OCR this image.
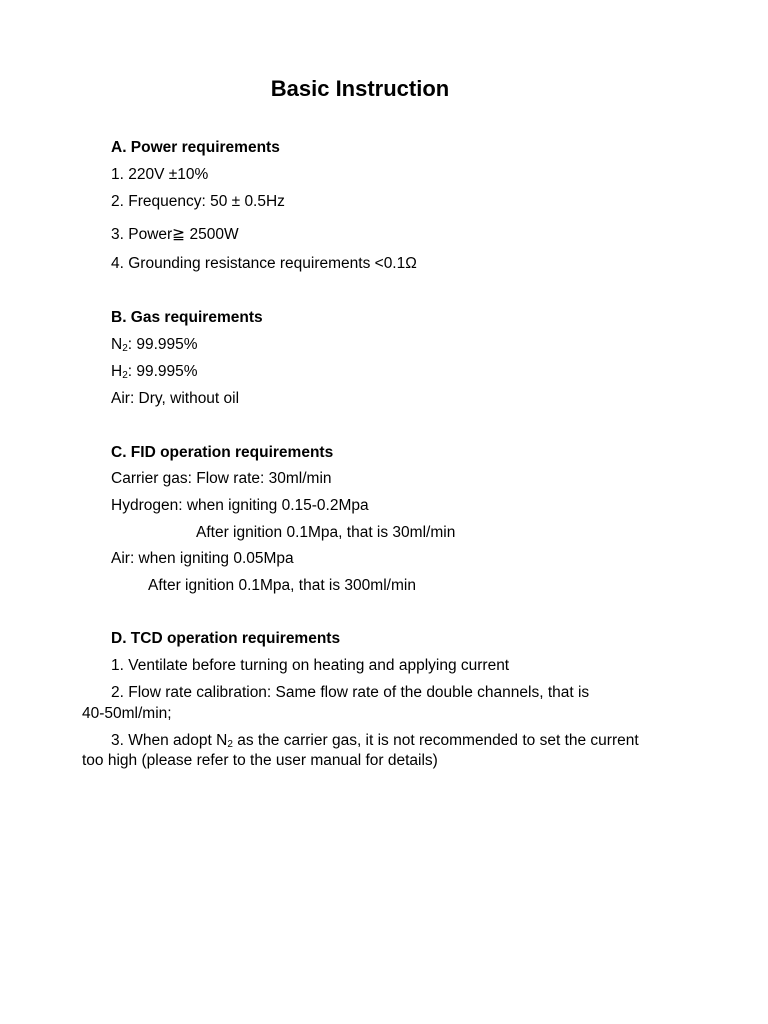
Basic Instruction
A. Power requirements
1. 220V ±10%
2. Frequency: 50 ± 0.5Hz
3. Power≧ 2500W
4. Grounding resistance requirements <0.1Ω
B. Gas requirements
$N_2$: 99.995%
$H_2$: 99.995%
Air: Dry, without oil
C. FID operation requirements
Carrier gas: Flow rate: 30ml/min
Hydrogen: when igniting 0.15-0.2Mpa
After ignition 0.1Mpa, that is 30ml/min
Air: when igniting 0.05Mpa
After ignition 0.1Mpa, that is 300ml/min
D. TCD operation requirements
1. Ventilate before turning on heating and applying current
2. Flow rate calibration: Same flow rate of the double channels, that is
40-50ml/min;
3. When adopt $N_2$ as the carrier gas, it is not recommended to set the current
too high (please refer to the user manual for details)
